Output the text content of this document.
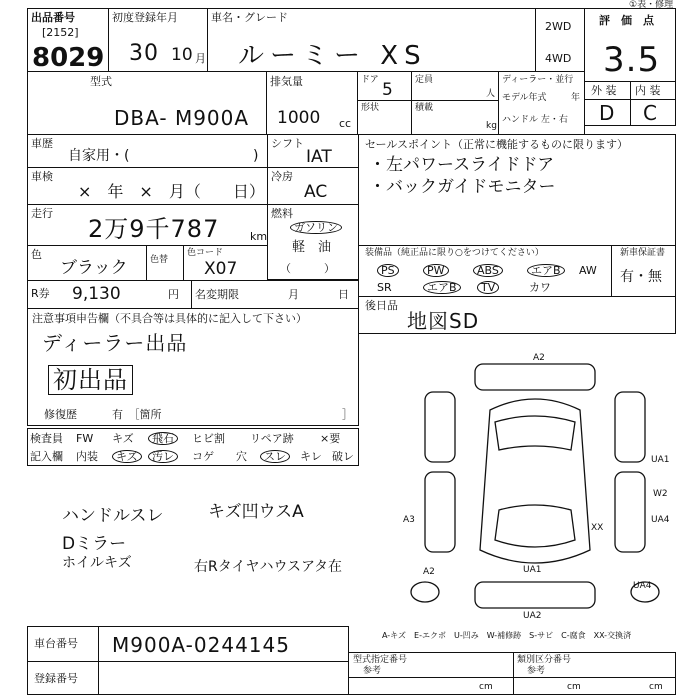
出品番号
[2152]
8029
初度登録年月
30 10 月
車名・グレード
ルーミー XS
2WD
4WD
①表・修理
評　価　点
3.5
外 装 内 装
D C
型式
DBA- M900A
排気量
1000 cc
ドア 5
形状
定員
人
積載
kg
ディーラー・並行
モデル年式	年
ハンドル 左・右
車歴
自家用・(	)
シフト
IAT
セールスポイント（正常に機能するものに限ります）
・左パワースライドドア
・バックガイドモニター
車検
×　年　×　月（　　日）
冷房
AC
走行
2万9千787	km
燃料
ガソリン
軽　油
（　　　）
色
ブラック 色替
色コード
X07
装備品（純正品に限り○をつけてください）
PS	PW	ABS	エアB	AW
SR	エアB	TV	カワ
新車保証書
有・無
R券 9,130	円 名変期限	月	日
後日品
地図SD
注意事項申告欄（不具合等は具体的に記入して下さい）
ディーラー出品
初出品
修復歴	有　［箇所	］
検査員
記入欄
FW キズ	飛石	ヒビ割 リペア跡 ×要
内装	キズ	汚レ	コゲ 穴	スレ	キレ 破レ
ハンドルスレ	キズ凹ウスA
Dミラー
ホイルキズ	右Rタイヤハウスアタ在
A2
UA2
A3
A2	UA1
UA1
W2
UA4
XX
UA4
A-キズ　E-エクボ　U-凹み　W-補修跡　S-サビ　C-腐食　XX-交換済
車台番号 M900A-0244145
登録番号
型式指定番号
参考
類別区分番号
参考
cm	cm	cm
